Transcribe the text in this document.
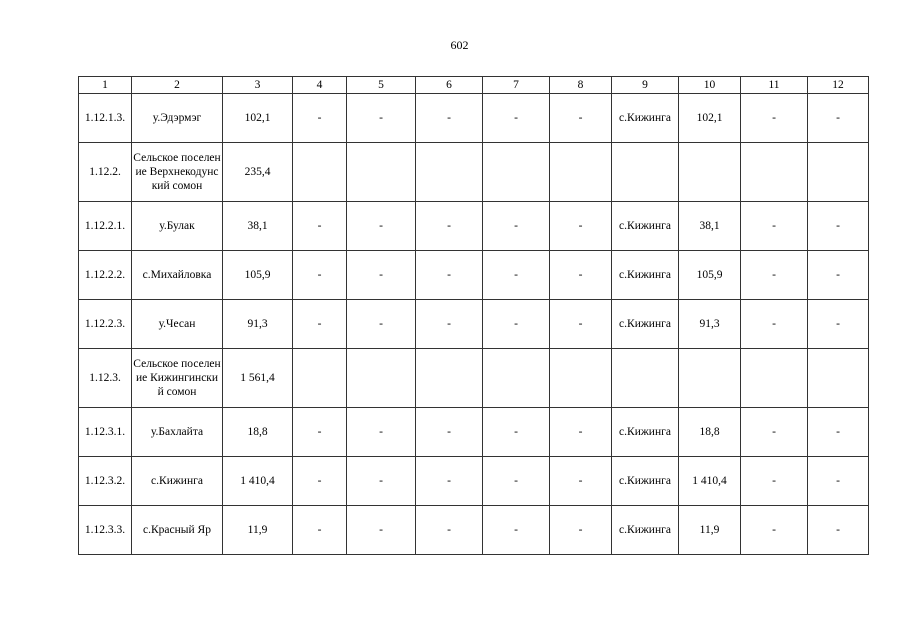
602
1	2	3	4	5	6	7	8	9	10	11	12
1.12.1.3.	у.Эдэрмэг	102,1	-	-	-	-	-	с.Кижинга	102,1	-	-
1.12.2.	Сельское поселение Верхнекодунский сомон	235,4									
1.12.2.1.	у.Булак	38,1	-	-	-	-	-	с.Кижинга	38,1	-	-
1.12.2.2.	с.Михайловка	105,9	-	-	-	-	-	с.Кижинга	105,9	-	-
1.12.2.3.	у.Чесан	91,3	-	-	-	-	-	с.Кижинга	91,3	-	-
1.12.3.	Сельское поселение Кижингинский сомон	1 561,4									
1.12.3.1.	у.Бахлайта	18,8	-	-	-	-	-	с.Кижинга	18,8	-	-
1.12.3.2.	с.Кижинга	1 410,4	-	-	-	-	-	с.Кижинга	1 410,4	-	-
1.12.3.3.	с.Красный Яр	11,9	-	-	-	-	-	с.Кижинга	11,9	-	-
